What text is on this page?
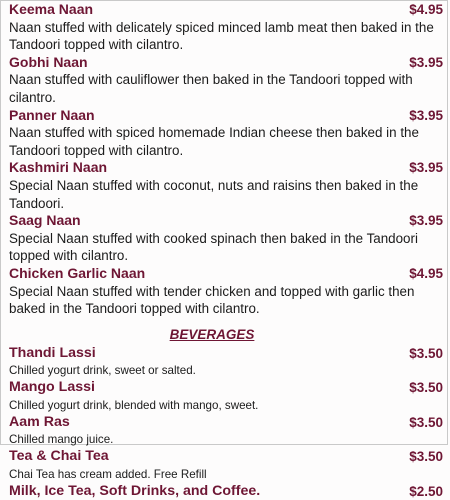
Keema Naan	$4.95
Naan stuffed with delicately spiced minced lamb meat then baked in the Tandoori topped with cilantro.
Gobhi Naan	$3.95
Naan stuffed with cauliflower then baked in the Tandoori topped with cilantro.
Panner Naan	$3.95
Naan stuffed with spiced homemade Indian cheese then baked in the Tandoori topped with cilantro.
Kashmiri Naan	$3.95
Special Naan stuffed with coconut, nuts and raisins then baked in the Tandoori.
Saag Naan	$3.95
Special Naan stuffed with cooked spinach then baked in the Tandoori topped with cilantro.
Chicken Garlic Naan	$4.95
Special Naan stuffed with tender chicken and topped with garlic then baked in the Tandoori topped with cilantro.
BEVERAGES
Thandi Lassi	$3.50
Chilled yogurt drink, sweet or salted.
Mango Lassi	$3.50
Chilled yogurt drink, blended with mango, sweet.
Aam Ras	$3.50
Chilled mango juice.
Tea & Chai Tea	$3.50
Chai Tea has cream added. Free Refill
Milk, Ice Tea, Soft Drinks, and Coffee.	$2.50
